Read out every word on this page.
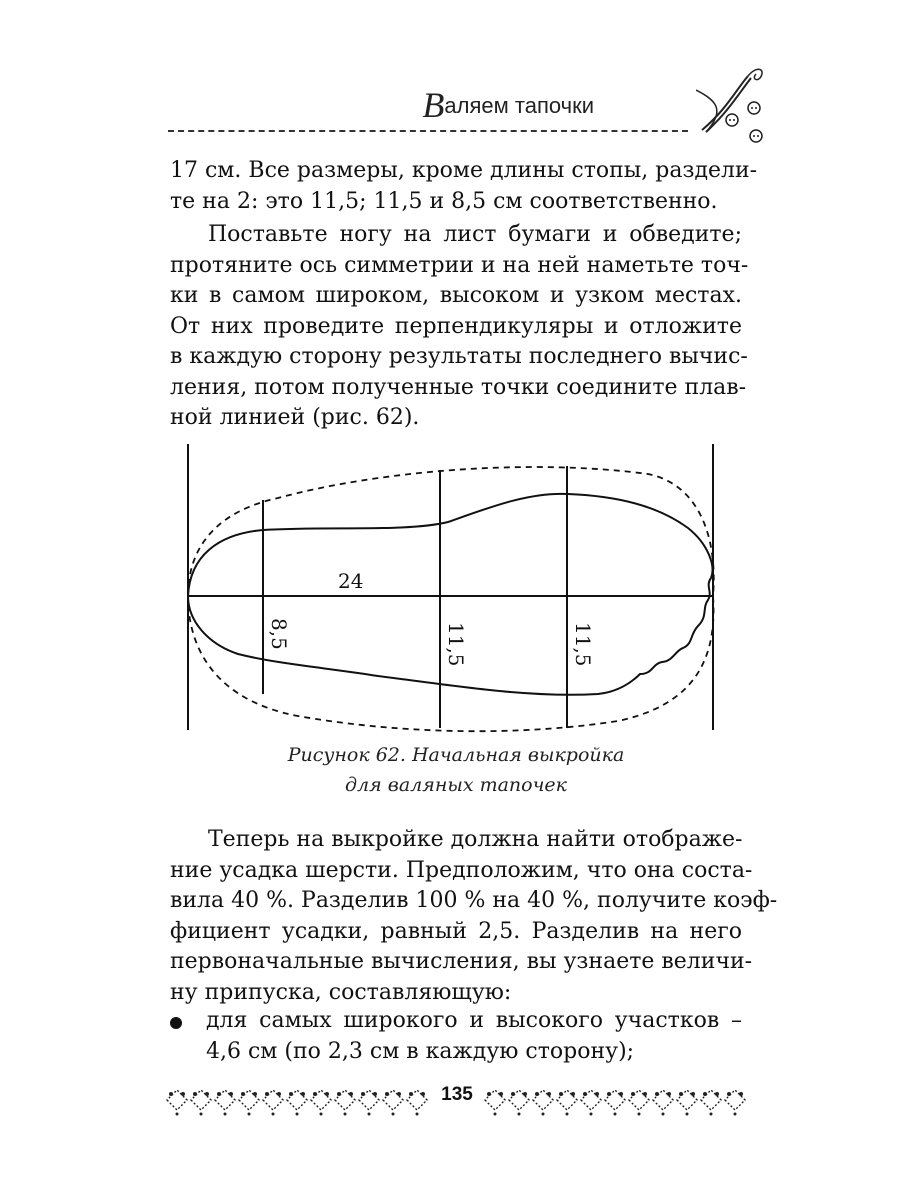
Валяем тапочки

17 см. Все размеры, кроме длины стопы, раздели-
те на 2: это 11,5; 11,5 и 8,5 см соответственно.

Поставьте ногу на лист бумаги и обведите;
протяните ось симметрии и на ней наметьте точ-
ки в самом широком, высоком и узком местах.
От них проведите перпендикуляры и отложите
в каждую сторону результаты последнего вычис-
ления, потом полученные точки соедините плав-
ной линией (рис. 62).

24
8,5	11,5	11,5
Рисунок 62. Начальная выкройка
для валяных тапочек

Теперь на выкройке должна найти отображе-
ние усадка шерсти. Предположим, что она соста-
вила 40 %. Разделив 100 % на 40 %, получите коэф-
фициент усадки, равный 2,5. Разделив на него
первоначальные вычисления, вы узнаете величи-
ну припуска, составляющую:

для самых широкого и высокого участков –
4,6 см (по 2,3 см в каждую сторону);

135
